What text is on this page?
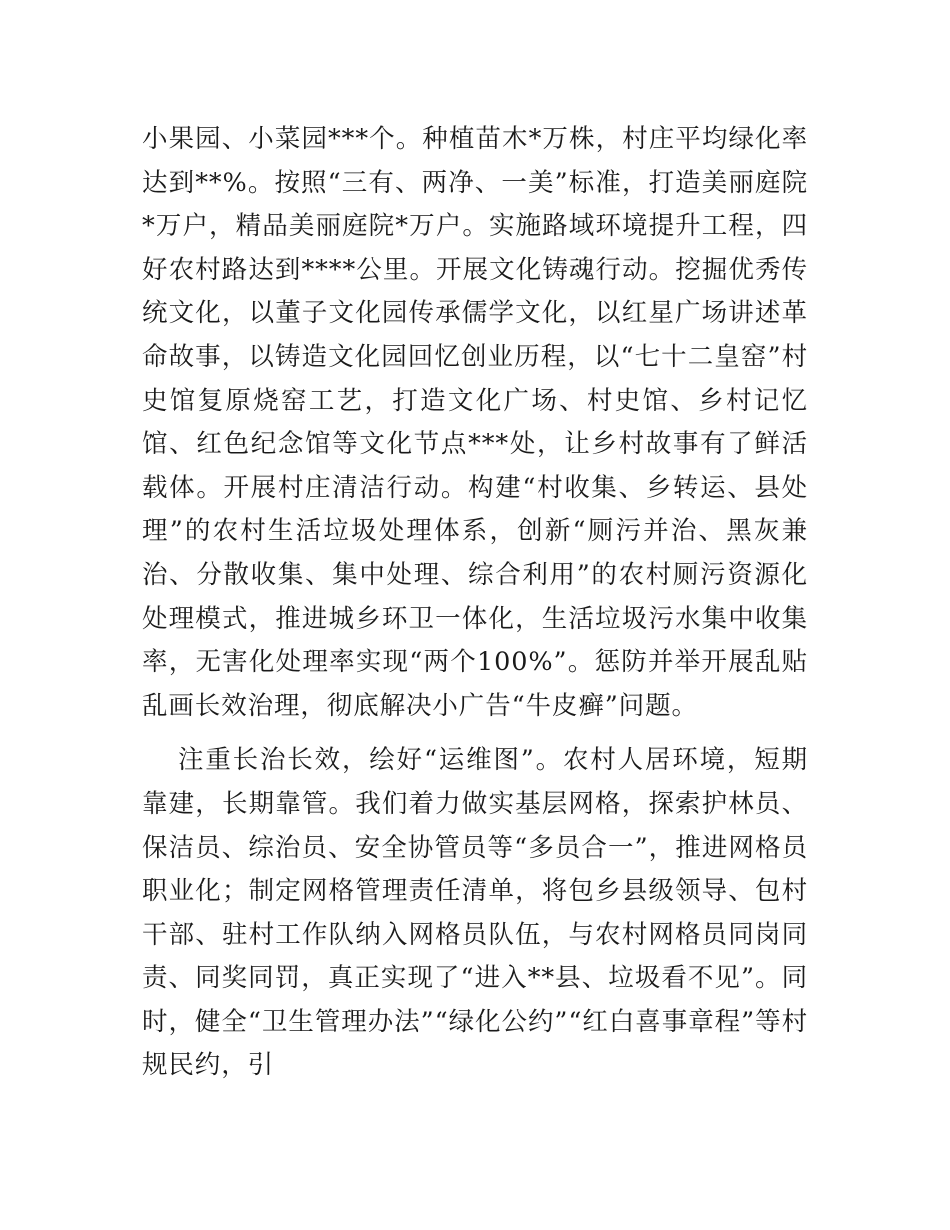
小果园、小菜园***个。种植苗木*万株，村庄平均绿化率达到**%。按照“三有、两净、一美”标准，打造美丽庭院*万户，精品美丽庭院*万户。实施路域环境提升工程，四好农村路达到****公里。开展文化铸魂行动。挖掘优秀传统文化，以董子文化园传承儒学文化，以红星广场讲述革命故事，以铸造文化园回忆创业历程，以“七十二皇窑”村史馆复原烧窑工艺，打造文化广场、村史馆、乡村记忆馆、红色纪念馆等文化节点***处，让乡村故事有了鲜活载体。开展村庄清洁行动。构建“村收集、乡转运、县处理”的农村生活垃圾处理体系，创新“厕污并治、黑灰兼治、分散收集、集中处理、综合利用”的农村厕污资源化处理模式，推进城乡环卫一体化，生活垃圾污水集中收集率，无害化处理率实现“两个100%”。惩防并举开展乱贴乱画长效治理，彻底解决小广告“牛皮癣”问题。

注重长治长效，绘好“运维图”。农村人居环境，短期靠建，长期靠管。我们着力做实基层网格，探索护林员、保洁员、综治员、安全协管员等“多员合一”，推进网格员职业化；制定网格管理责任清单，将包乡县级领导、包村干部、驻村工作队纳入网格员队伍，与农村网格员同岗同责、同奖同罚，真正实现了“进入**县、垃圾看不见”。同时，健全“卫生管理办法”“绿化公约”“红白喜事章程”等村规民约，引
